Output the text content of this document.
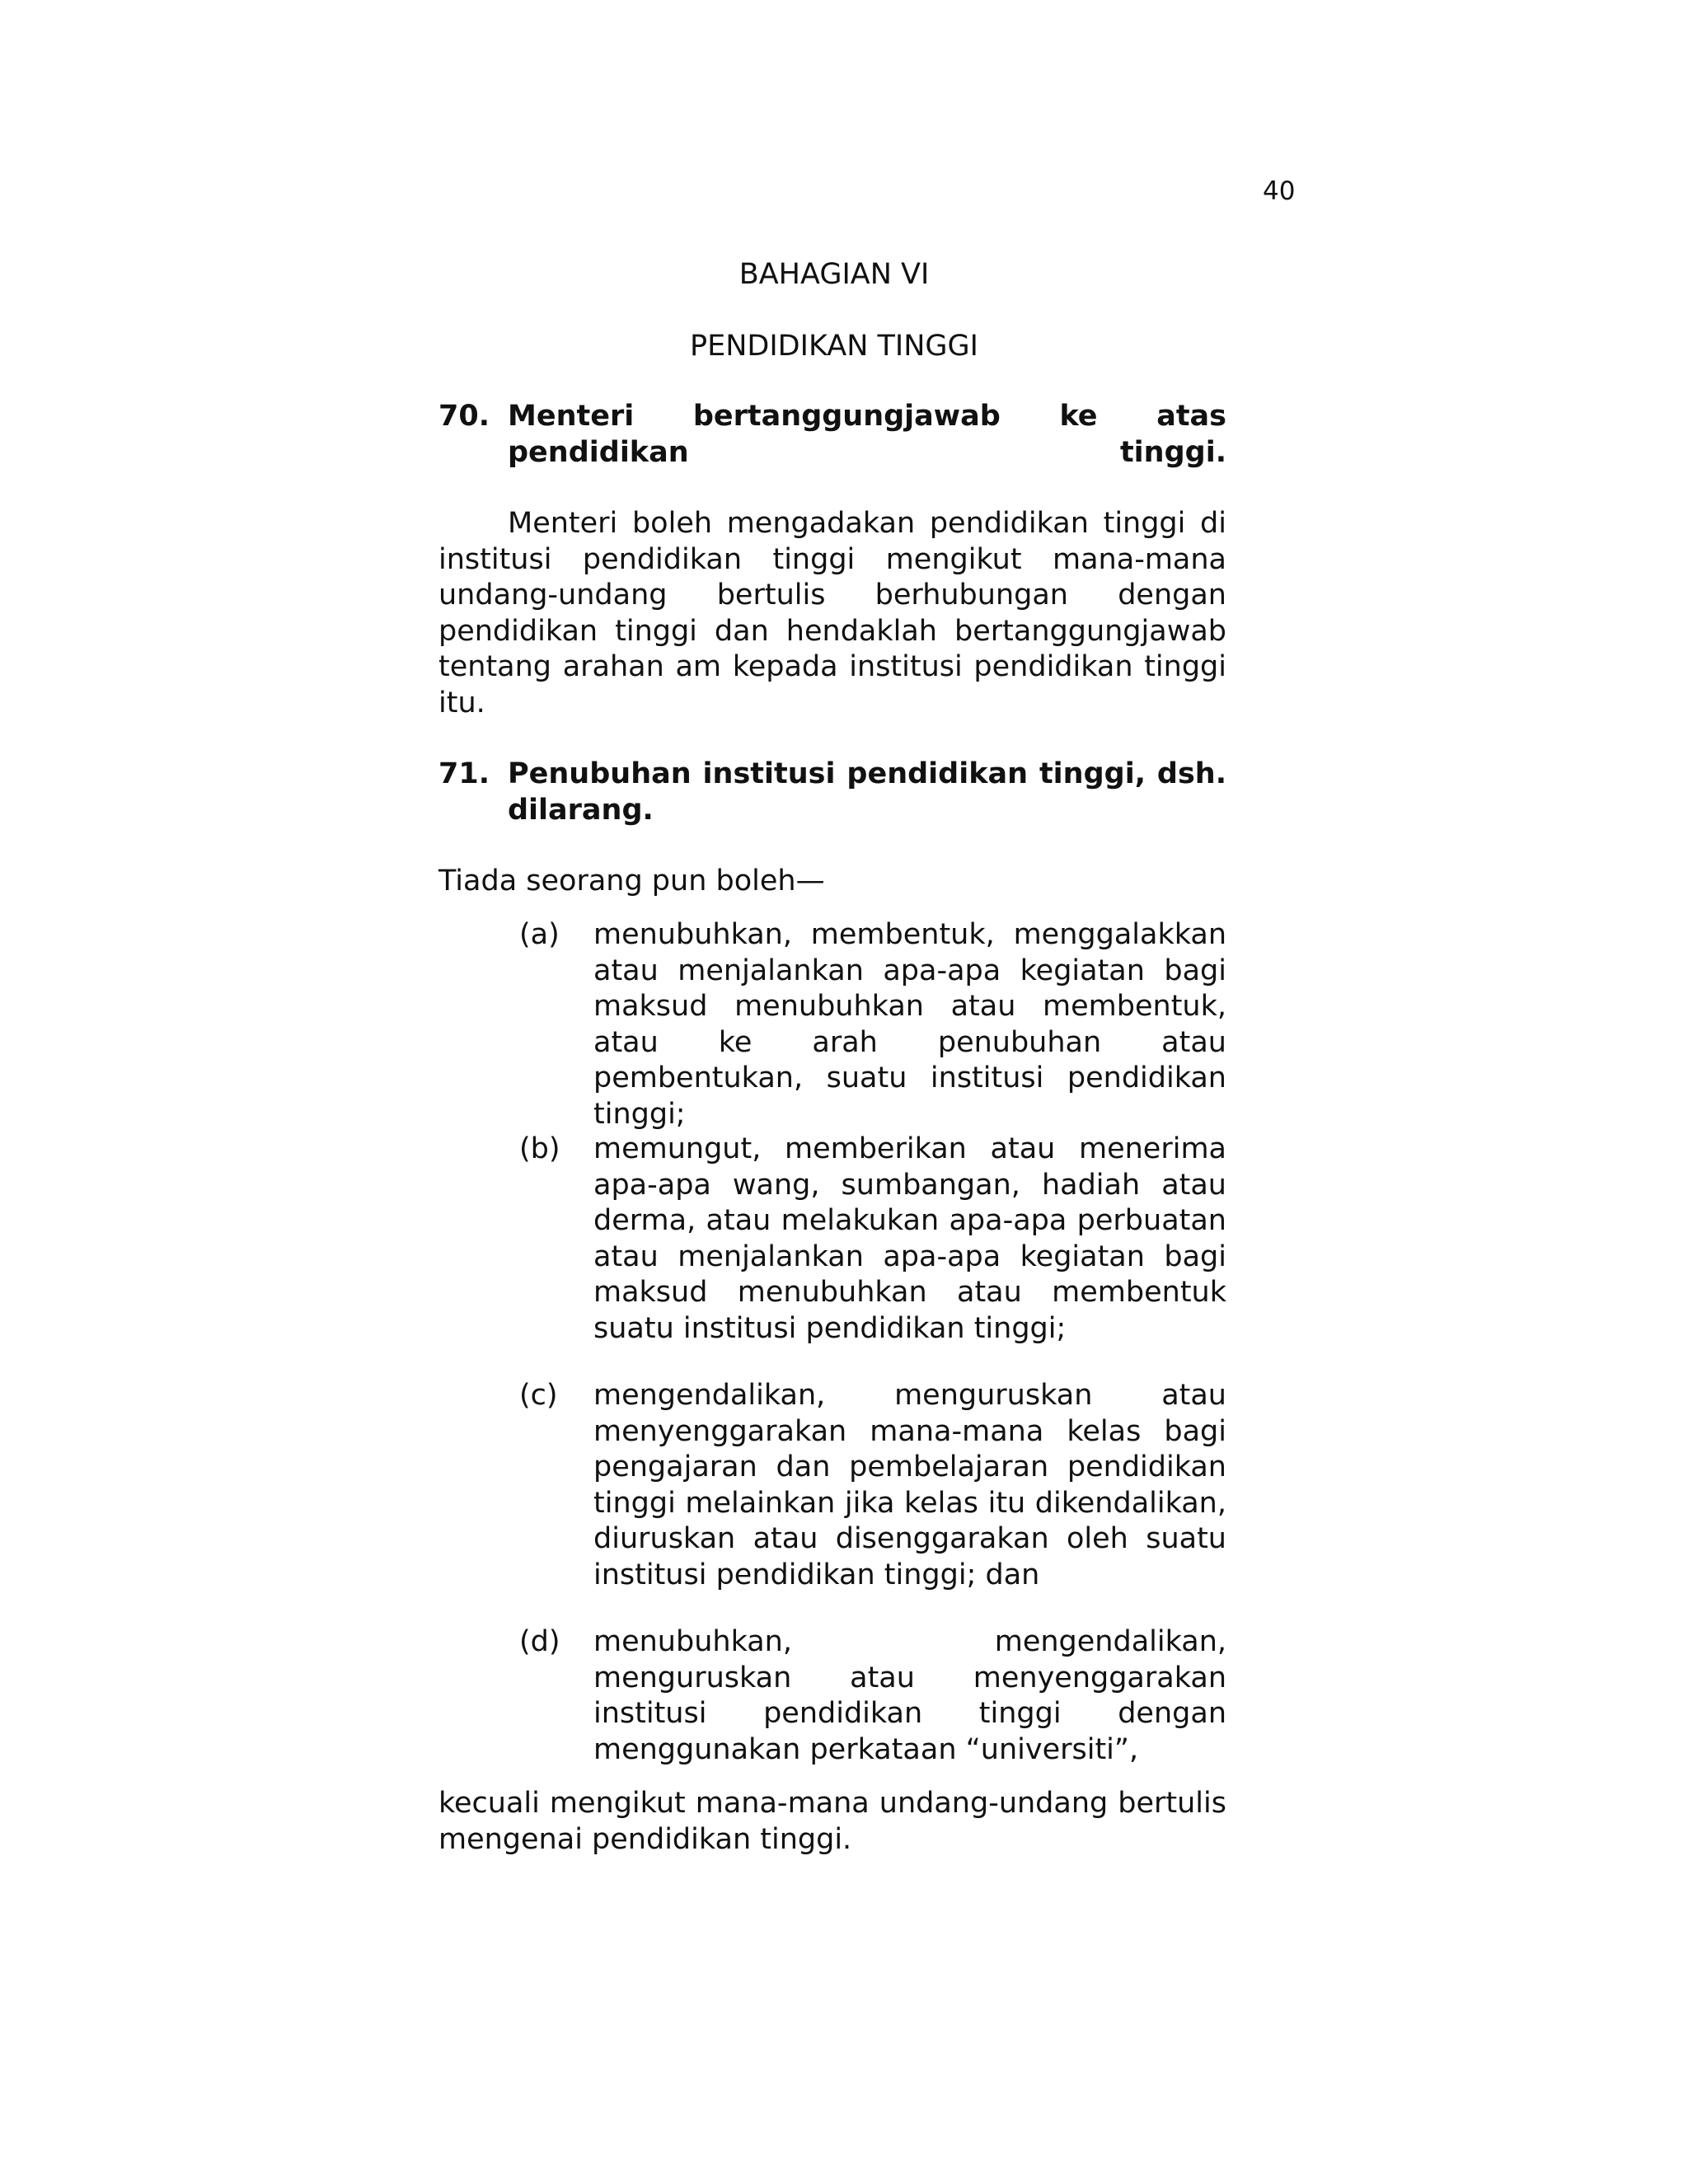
40
BAHAGIAN VI
PENDIDIKAN TINGGI
70. Menteri bertanggungjawab ke atas pendidikan tinggi.
Menteri boleh mengadakan pendidikan tinggi di institusi pendidikan tinggi mengikut mana-mana undang-undang bertulis berhubungan dengan pendidikan tinggi dan hendaklah bertanggungjawab tentang arahan am kepada institusi pendidikan tinggi itu.
71. Penubuhan institusi pendidikan tinggi, dsh. dilarang.
Tiada seorang pun boleh—
(a) menubuhkan, membentuk, menggalakkan atau menjalankan apa-apa kegiatan bagi maksud menubuhkan atau membentuk, atau ke arah penubuhan atau pembentukan, suatu institusi pendidikan tinggi;
(b) memungut, memberikan atau menerima apa-apa wang, sumbangan, hadiah atau derma, atau melakukan apa-apa perbuatan atau menjalankan apa-apa kegiatan bagi maksud menubuhkan atau membentuk suatu institusi pendidikan tinggi;
(c) mengendalikan, menguruskan atau menyenggarakan mana-mana kelas bagi pengajaran dan pembelajaran pendidikan tinggi melainkan jika kelas itu dikendalikan, diuruskan atau disenggarakan oleh suatu institusi pendidikan tinggi; dan
(d) menubuhkan, mengendalikan, menguruskan atau menyenggarakan institusi pendidikan tinggi dengan menggunakan perkataan “universiti”,
kecuali mengikut mana-mana undang-undang bertulis mengenai pendidikan tinggi.
